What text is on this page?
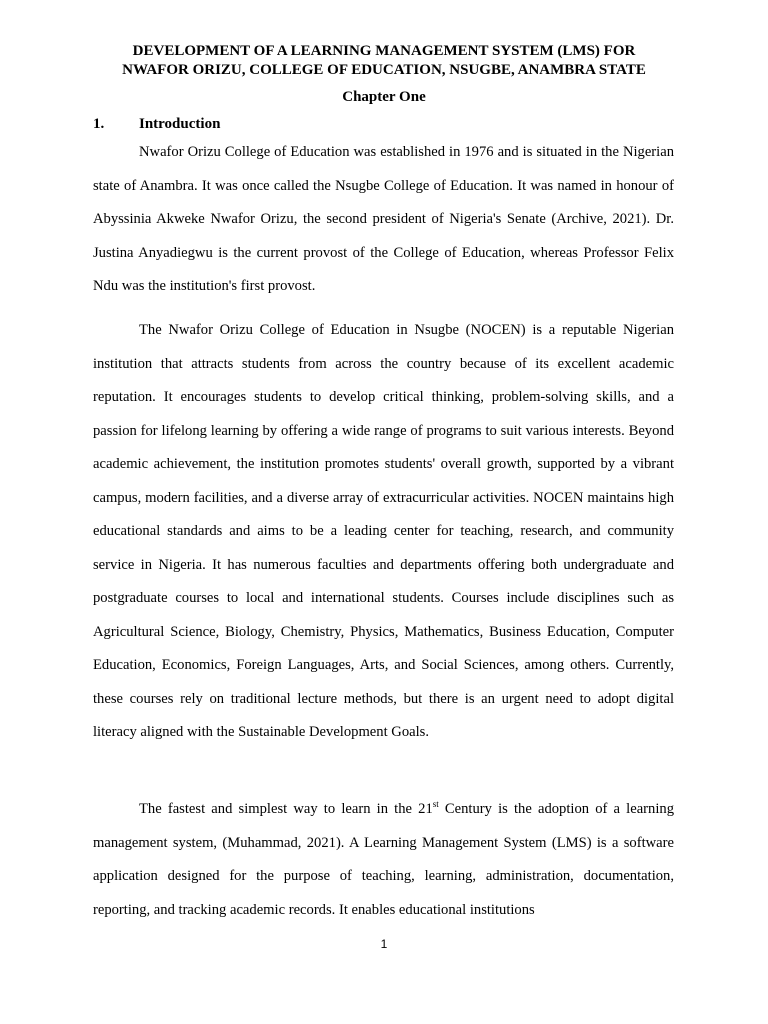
DEVELOPMENT OF A LEARNING MANAGEMENT SYSTEM (LMS) FOR
NWAFOR ORIZU, COLLEGE OF EDUCATION, NSUGBE, ANAMBRA STATE
Chapter One
1. Introduction

Nwafor Orizu College of Education was established in 1976 and is situated in the Nigerian state of Anambra. It was once called the Nsugbe College of Education. It was named in honour of Abyssinia Akweke Nwafor Orizu, the second president of Nigeria's Senate (Archive, 2021). Dr. Justina Anyadiegwu is the current provost of the College of Education, whereas Professor Felix Ndu was the institution's first provost.

The Nwafor Orizu College of Education in Nsugbe (NOCEN) is a reputable Nigerian institution that attracts students from across the country because of its excellent academic reputation. It encourages students to develop critical thinking, problem-solving skills, and a passion for lifelong learning by offering a wide range of programs to suit various interests. Beyond academic achievement, the institution promotes students' overall growth, supported by a vibrant campus, modern facilities, and a diverse array of extracurricular activities. NOCEN maintains high educational standards and aims to be a leading center for teaching, research, and community service in Nigeria. It has numerous faculties and departments offering both undergraduate and postgraduate courses to local and international students. Courses include disciplines such as Agricultural Science, Biology, Chemistry, Physics, Mathematics, Business Education, Computer Education, Economics, Foreign Languages, Arts, and Social Sciences, among others. Currently, these courses rely on traditional lecture methods, but there is an urgent need to adopt digital literacy aligned with the Sustainable Development Goals.

The fastest and simplest way to learn in the 21st Century is the adoption of a learning management system, (Muhammad, 2021). A Learning Management System (LMS) is a software application designed for the purpose of teaching, learning, administration, documentation, reporting, and tracking academic records. It enables educational institutions

1
